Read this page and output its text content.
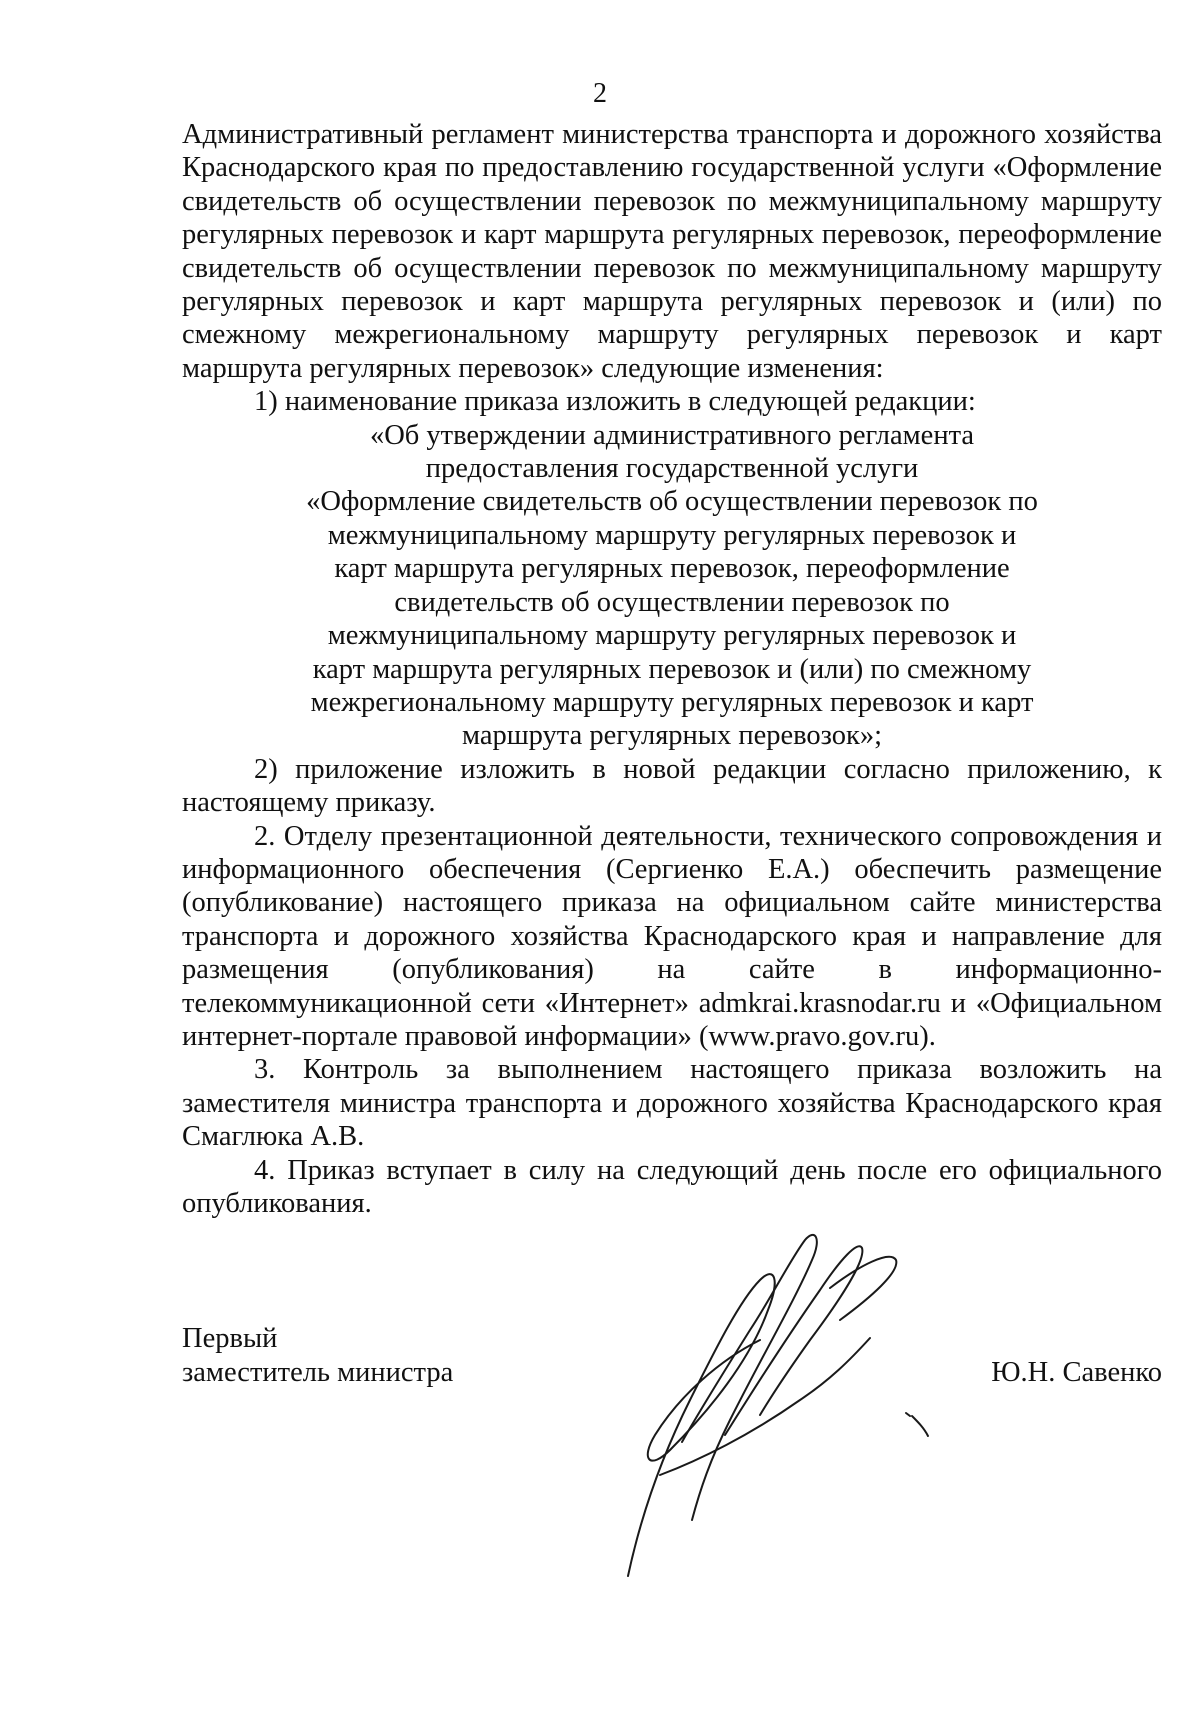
2

Административный регламент министерства транспорта и дорожного хозяйства Краснодарского края по предоставлению государственной услуги «Оформление свидетельств об осуществлении перевозок по межмуниципальному маршруту регулярных перевозок и карт маршрута регулярных перевозок, переоформление свидетельств об осуществлении перевозок по межмуниципальному маршруту регулярных перевозок и карт маршрута регулярных перевозок и (или) по смежному межрегиональному маршруту регулярных перевозок и карт маршрута регулярных перевозок» следующие изменения:

1) наименование приказа изложить в следующей редакции:

«Об утверждении административного регламента
предоставления государственной услуги
«Оформление свидетельств об осуществлении перевозок по
межмуниципальному маршруту регулярных перевозок и
карт маршрута регулярных перевозок, переоформление
свидетельств об осуществлении перевозок по
межмуниципальному маршруту регулярных перевозок и
карт маршрута регулярных перевозок и (или) по смежному
межрегиональному маршруту регулярных перевозок и карт
маршрута регулярных перевозок»;

2) приложение изложить в новой редакции согласно приложению, к настоящему приказу.

2. Отделу презентационной деятельности, технического сопровождения и информационного обеспечения (Сергиенко Е.А.) обеспечить размещение (опубликование) настоящего приказа на официальном сайте министерства транспорта и дорожного хозяйства Краснодарского края и направление для размещения (опубликования) на сайте в информационно-телекоммуникационной сети «Интернет» admkrai.krasnodar.ru и «Официальном интернет-портале правовой информации» (www.pravo.gov.ru).

3. Контроль за выполнением настоящего приказа возложить на заместителя министра транспорта и дорожного хозяйства Краснодарского края Смаглюка А.В.

4. Приказ вступает в силу на следующий день после его официального опубликования.

Первый
заместитель министра	Ю.Н. Савенко
